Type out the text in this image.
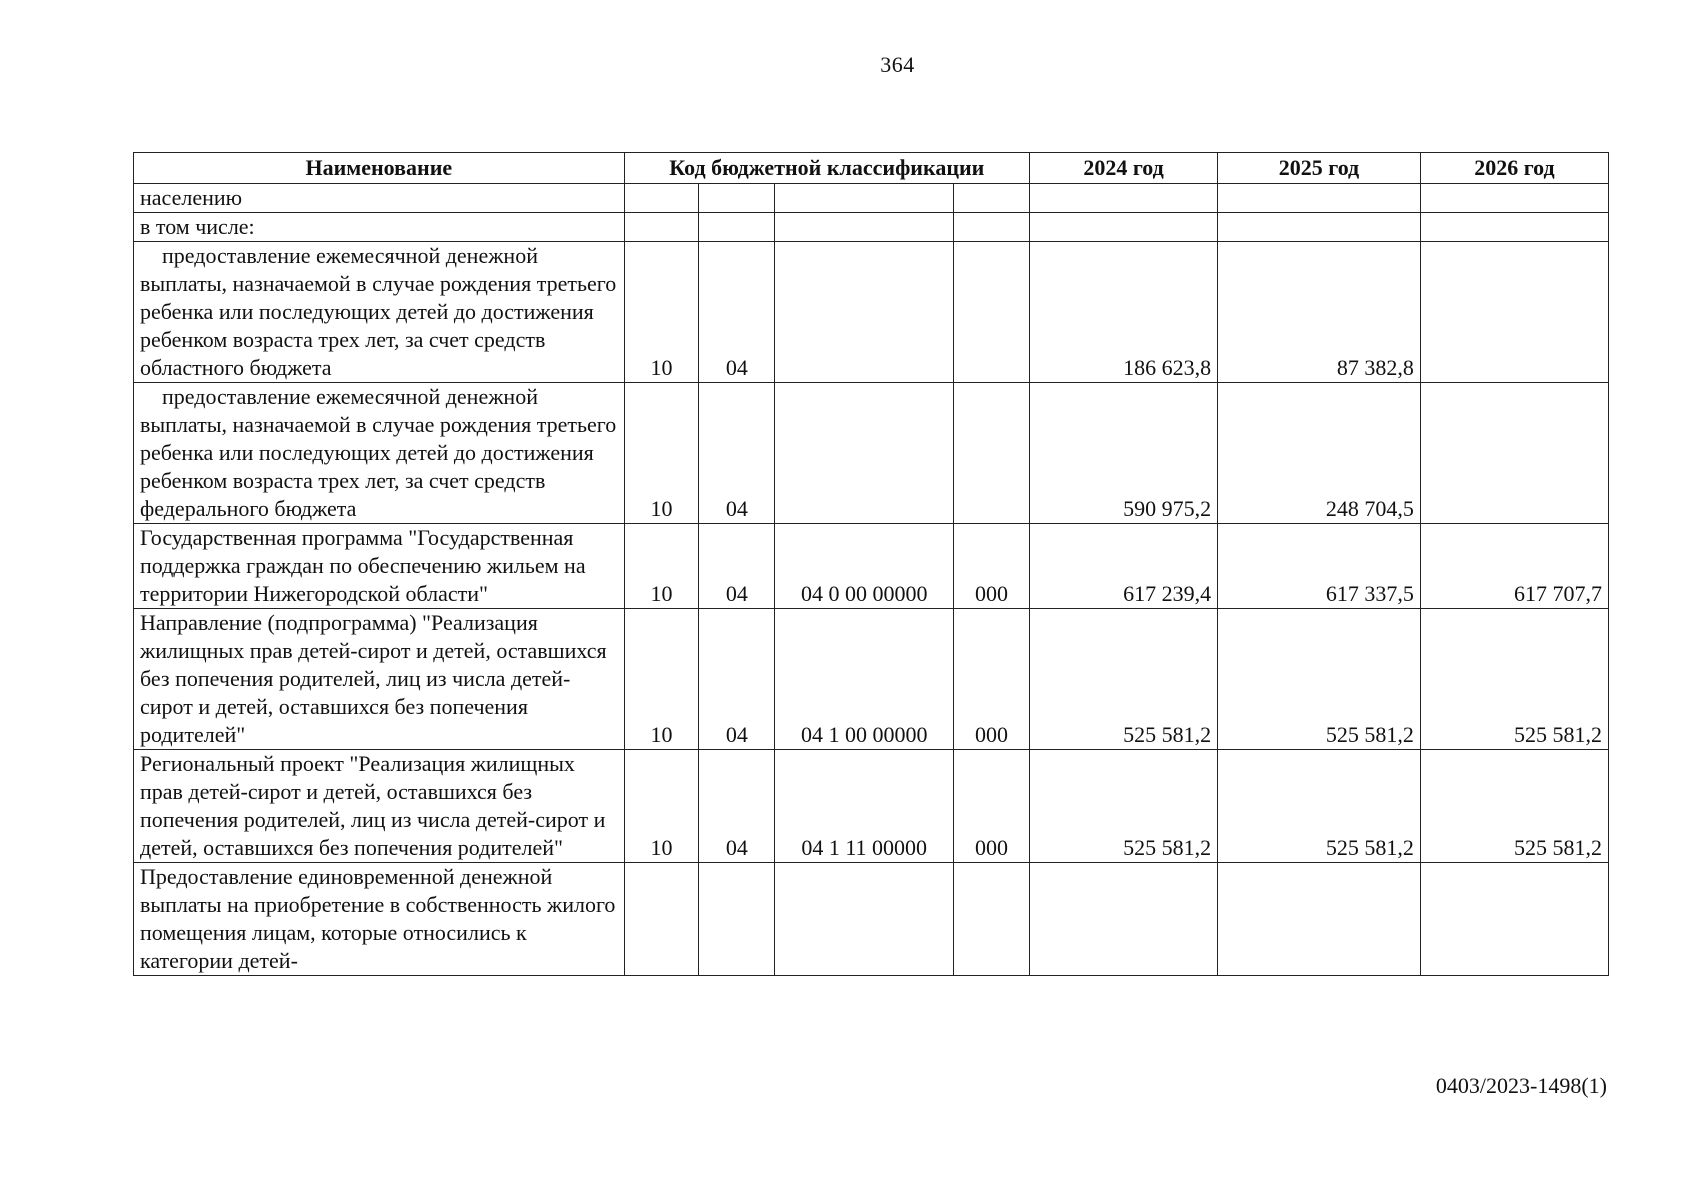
364
Наименование	Код бюджетной классификации				2024 год	2025 год	2026 год
населению							
в том числе:							
предоставление ежемесячной денежной выплаты, назначаемой в случае рождения третьего ребенка или последующих детей до достижения ребенком возраста трех лет, за счет средств областного бюджета	10	04			186 623,8	87 382,8	
предоставление ежемесячной денежной выплаты, назначаемой в случае рождения третьего ребенка или последующих детей до достижения ребенком возраста трех лет, за счет средств федерального бюджета	10	04			590 975,2	248 704,5	
Государственная программа "Государственная поддержка граждан по обеспечению жильем на территории Нижегородской области"	10	04	04 0 00 00000	000	617 239,4	617 337,5	617 707,7
Направление (подпрограмма) "Реализация жилищных прав детей-сирот и детей, оставшихся без попечения родителей, лиц из числа детей-сирот и детей, оставшихся без попечения родителей"	10	04	04 1 00 00000	000	525 581,2	525 581,2	525 581,2
Региональный проект "Реализация жилищных прав детей-сирот и детей, оставшихся без попечения родителей, лиц из числа детей-сирот и детей, оставшихся без попечения родителей"	10	04	04 1 11 00000	000	525 581,2	525 581,2	525 581,2
Предоставление единовременной денежной выплаты на приобретение в собственность жилого помещения лицам, которые относились к категории детей-							
0403/2023-1498(1)
